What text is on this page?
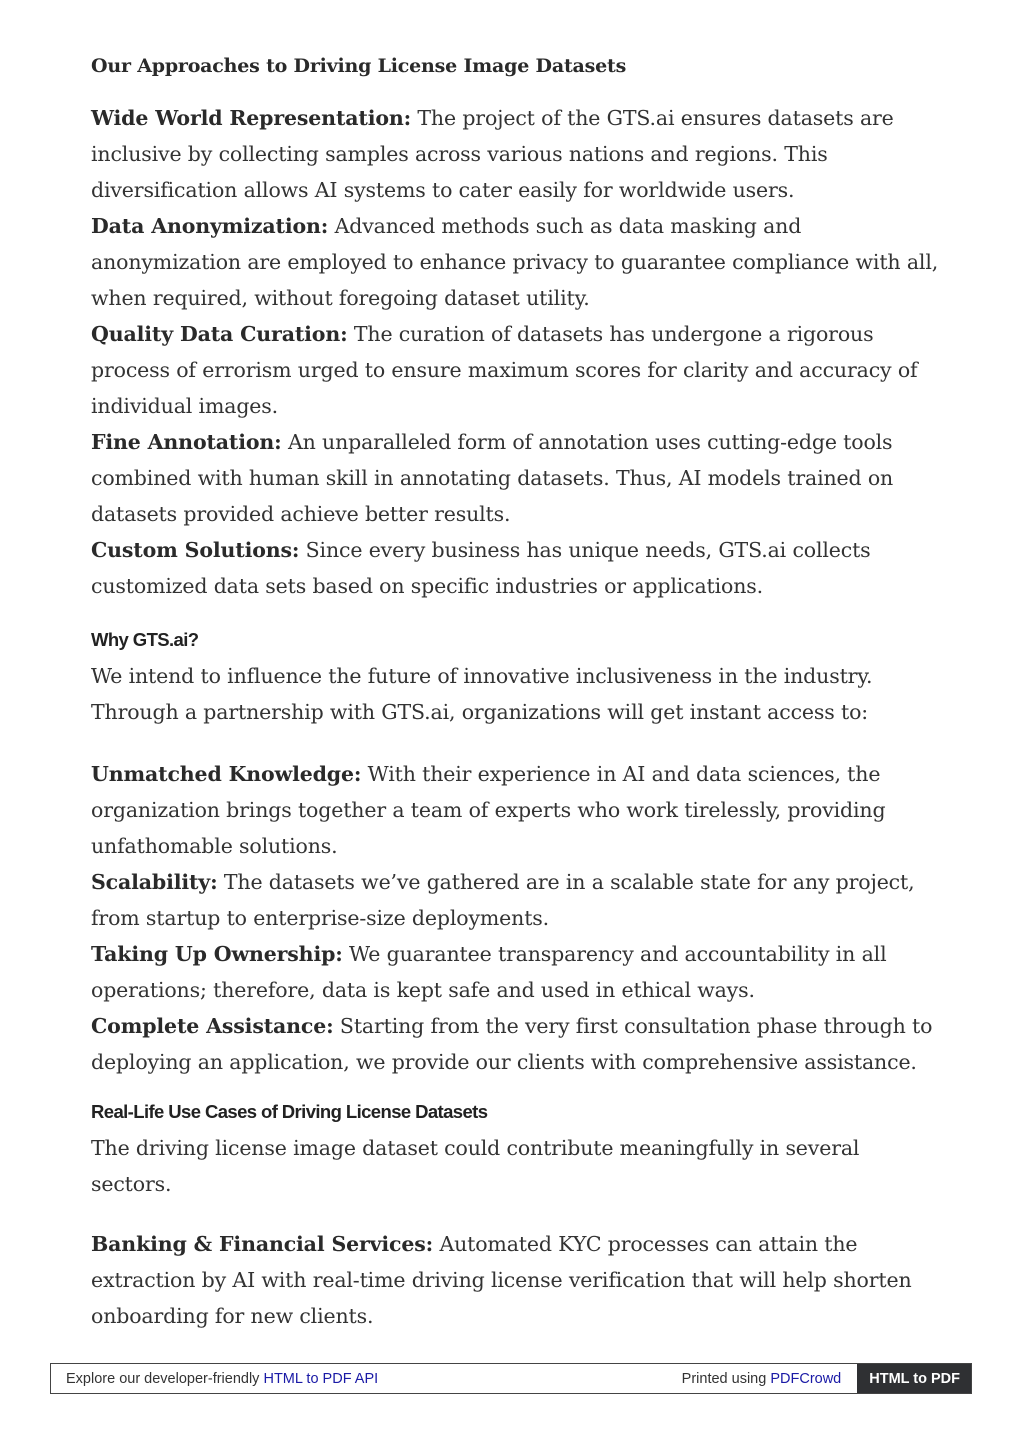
Our Approaches to Driving License Image Datasets

Wide World Representation: The project of the GTS.ai ensures datasets are inclusive by collecting samples across various nations and regions. This diversification allows AI systems to cater easily for worldwide users.

Data Anonymization: Advanced methods such as data masking and anonymization are employed to enhance privacy to guarantee compliance with all, when required, without foregoing dataset utility.

Quality Data Curation: The curation of datasets has undergone a rigorous process of errorism urged to ensure maximum scores for clarity and accuracy of individual images.

Fine Annotation: An unparalleled form of annotation uses cutting-edge tools combined with human skill in annotating datasets. Thus, AI models trained on datasets provided achieve better results.

Custom Solutions: Since every business has unique needs, GTS.ai collects customized data sets based on specific industries or applications.

Why GTS.ai?

We intend to influence the future of innovative inclusiveness in the industry. Through a partnership with GTS.ai, organizations will get instant access to:

Unmatched Knowledge: With their experience in AI and data sciences, the organization brings together a team of experts who work tirelessly, providing unfathomable solutions.

Scalability: The datasets we’ve gathered are in a scalable state for any project, from startup to enterprise-size deployments.

Taking Up Ownership: We guarantee transparency and accountability in all operations; therefore, data is kept safe and used in ethical ways.

Complete Assistance: Starting from the very first consultation phase through to deploying an application, we provide our clients with comprehensive assistance.

Real-Life Use Cases of Driving License Datasets

The driving license image dataset could contribute meaningfully in several sectors.

Banking & Financial Services: Automated KYC processes can attain the extraction by AI with real-time driving license verification that will help shorten onboarding for new clients.

Explore our developer-friendly HTML to PDF API	Printed using PDFCrowd	HTML to PDF
